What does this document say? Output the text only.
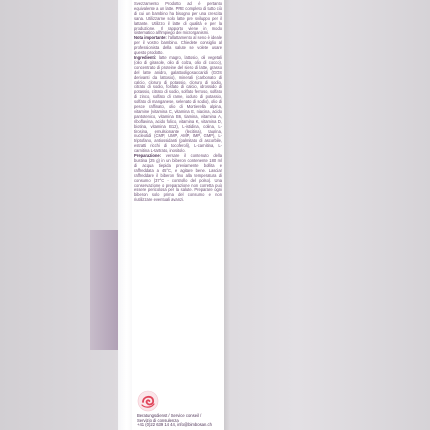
Svezzamento Prodotto ad é pertanto equivalente a un latte. PRE completo di tutto ciò di cui un bambino ha bisogno per una crescita sana. Utilizzarne solo latte pre sviluppo per il lattante. Utilizzo il latte di qualità e per la produzione. Il rapporto viene in modo sistematico all'impiego dei microrganismi.
Nota importante: l'allattamento al seno è ideale per il vostro bambino. Chiedete consiglio al professionista della salute se volete usare questo prodotto.
Ingredienti: latte magro, lattosio, oli vegetali (olio di girasole, olio di colza, olio di cocco), concentrato di proteine del siero di latte, grasso del latte anidro, galattooligosaccaridi (GOS derivanti da lattosio), minerali (carbonato di calcio, cloruro di potassio, cloruro di sodio, citrato di sodio, fosfato di calcio, idrossido di potassio, citrato di sodio, solfato ferroso, solfato di zinco, solfato di rame, ioduro di potassio, solfato di manganese, selenato di sodio), olio di pesce raffinato, olio di Mortierella alpina, vitamine (vitamina C, vitamina E, niacina, acido pantotenico, vitamina B6, tiamina, vitamina A, riboflavina, acido folico, vitamina K, vitamina D, biotina, vitamina B12), L-istidina, colina, L-tirosina, emulsionante (lecitina), taurina, nucleotidi (CMP, UMP, AMP, IMP, GMP), L-triptofano, antiossidanti (palmitato di ascorbile, estratti ricchi di tocoferoli), L-carnitina, L-carnitina L-tartrato, inositolo.
Preparazione: versare il contenuto della bustina (25 g) in un biberon contenente 180 ml di acqua tiepida previamente bollita e raffreddata a 45°C, e agitare bene. Lasciar raffreddare il biberon fino alla temperatura di consumo (37°C - controllo del polso). Una conservazione o preparazione non corretta può essere pericolosa per la salute. Preparare ogni biberon solo prima del consumo e non riutilizzare eventuali avanzi.
Beratungsdienst / Service conseil /
Servizio di consulenza
+41 (0)22 639 14 44, info@bimbosan.ch
